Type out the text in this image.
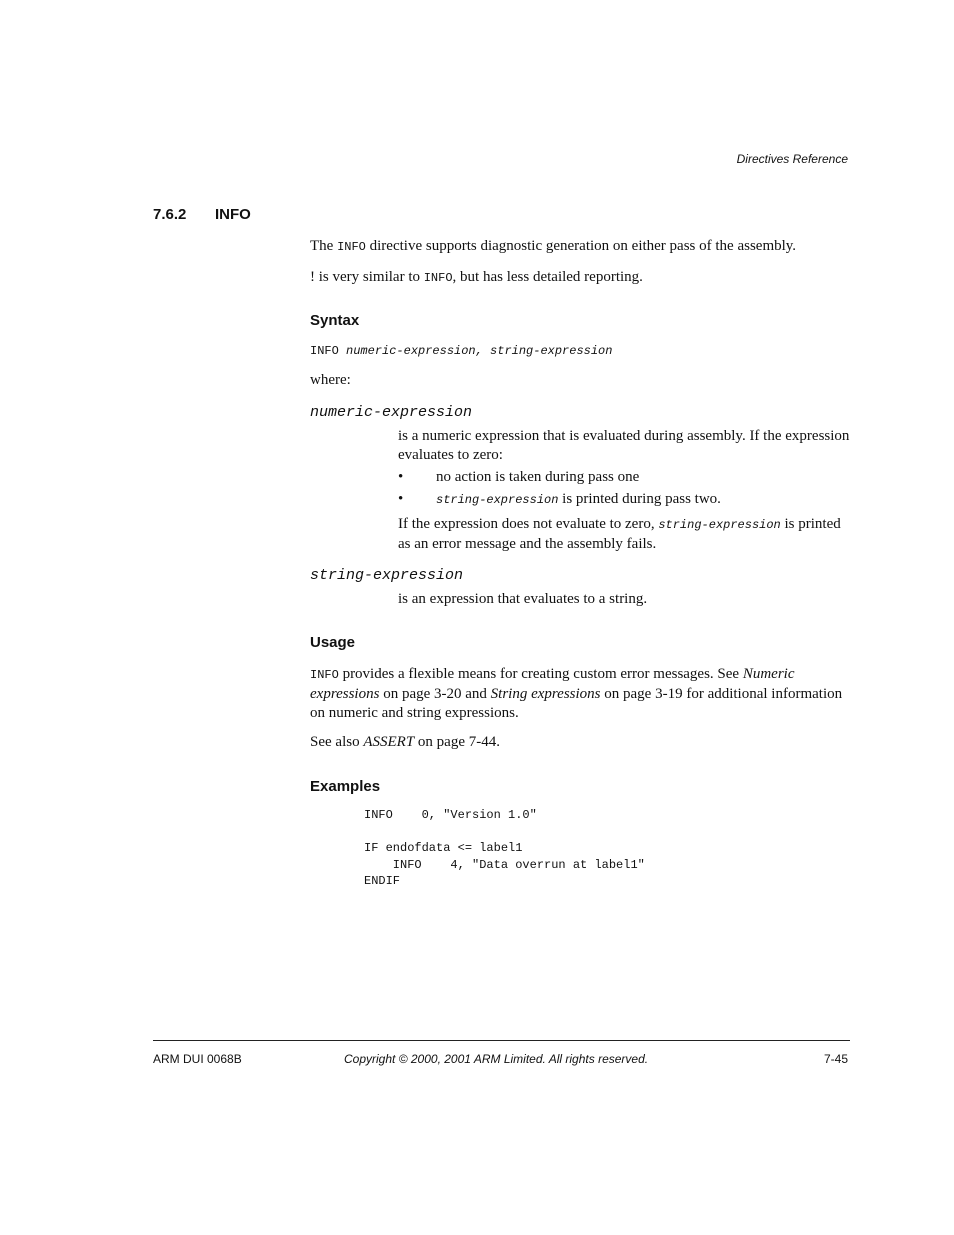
Directives Reference
7.6.2 INFO

The INFO directive supports diagnostic generation on either pass of the assembly.

! is very similar to INFO, but has less detailed reporting.

Syntax
INFO numeric-expression, string-expression
where:
numeric-expression

is a numeric expression that is evaluated during assembly. If the expression evaluates to zero:

• no action is taken during pass one
•	string-expression is printed during pass two.

If the expression does not evaluate to zero, string-expression is printed as an error message and the assembly fails.

string-expression

is an expression that evaluates to a string.

Usage

INFO provides a flexible means for creating custom error messages. See Numeric expressions on page 3-20 and String expressions on page 3-19 for additional information on numeric and string expressions.

See also ASSERT on page 7-44.

Examples
INFO    0, "Version 1.0"

IF endofdata <= label1
INFO    4, "Data overrun at label1"
ENDIF
ARM DUI 0068B	Copyright © 2000, 2001 ARM Limited. All rights reserved.	7-45
